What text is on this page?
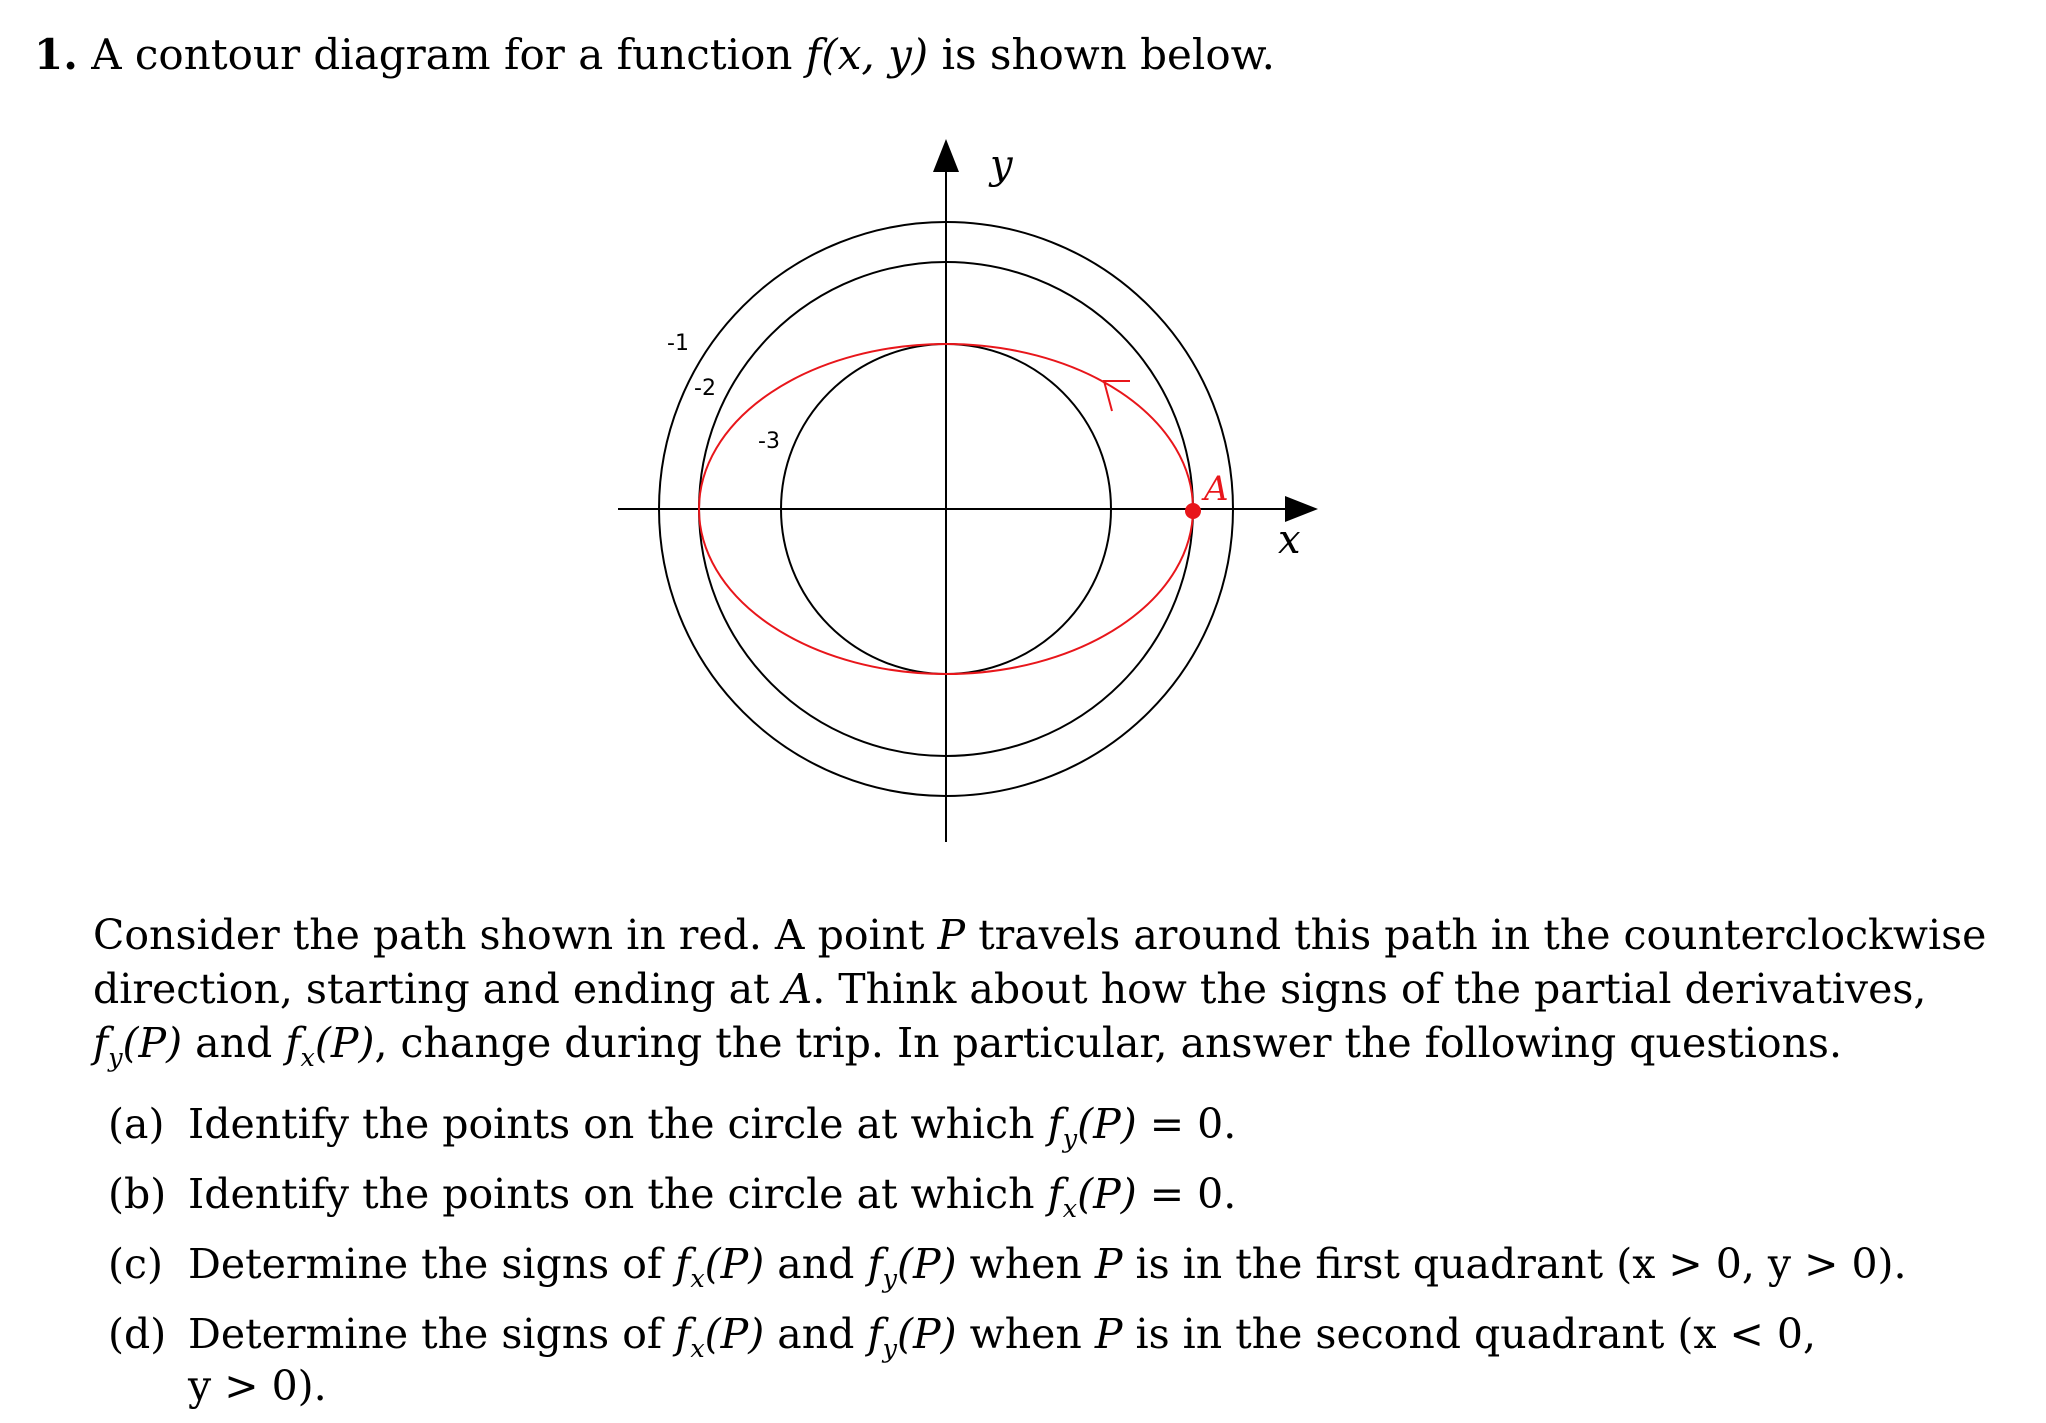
1. A contour diagram for a function f(x, y) is shown below.
-1
-2
-3
A
x
y
Consider the path shown in red. A point P travels around this path in the counterclockwise
direction, starting and ending at A. Think about how the signs of the partial derivatives,
$f_y(P)$ and $f_x(P)$, change during the trip. In particular, answer the following questions.
(a) Identify the points on the circle at which $f_y(P) = 0$.
(b) Identify the points on the circle at which $f_x(P) = 0$.
(c) Determine the signs of $f_x(P)$ and $f_y(P)$ when P is in the first quadrant (x > 0, y > 0).
(d) Determine the signs of $f_x(P)$ and $f_y(P)$ when P is in the second quadrant (x < 0,
y > 0).
